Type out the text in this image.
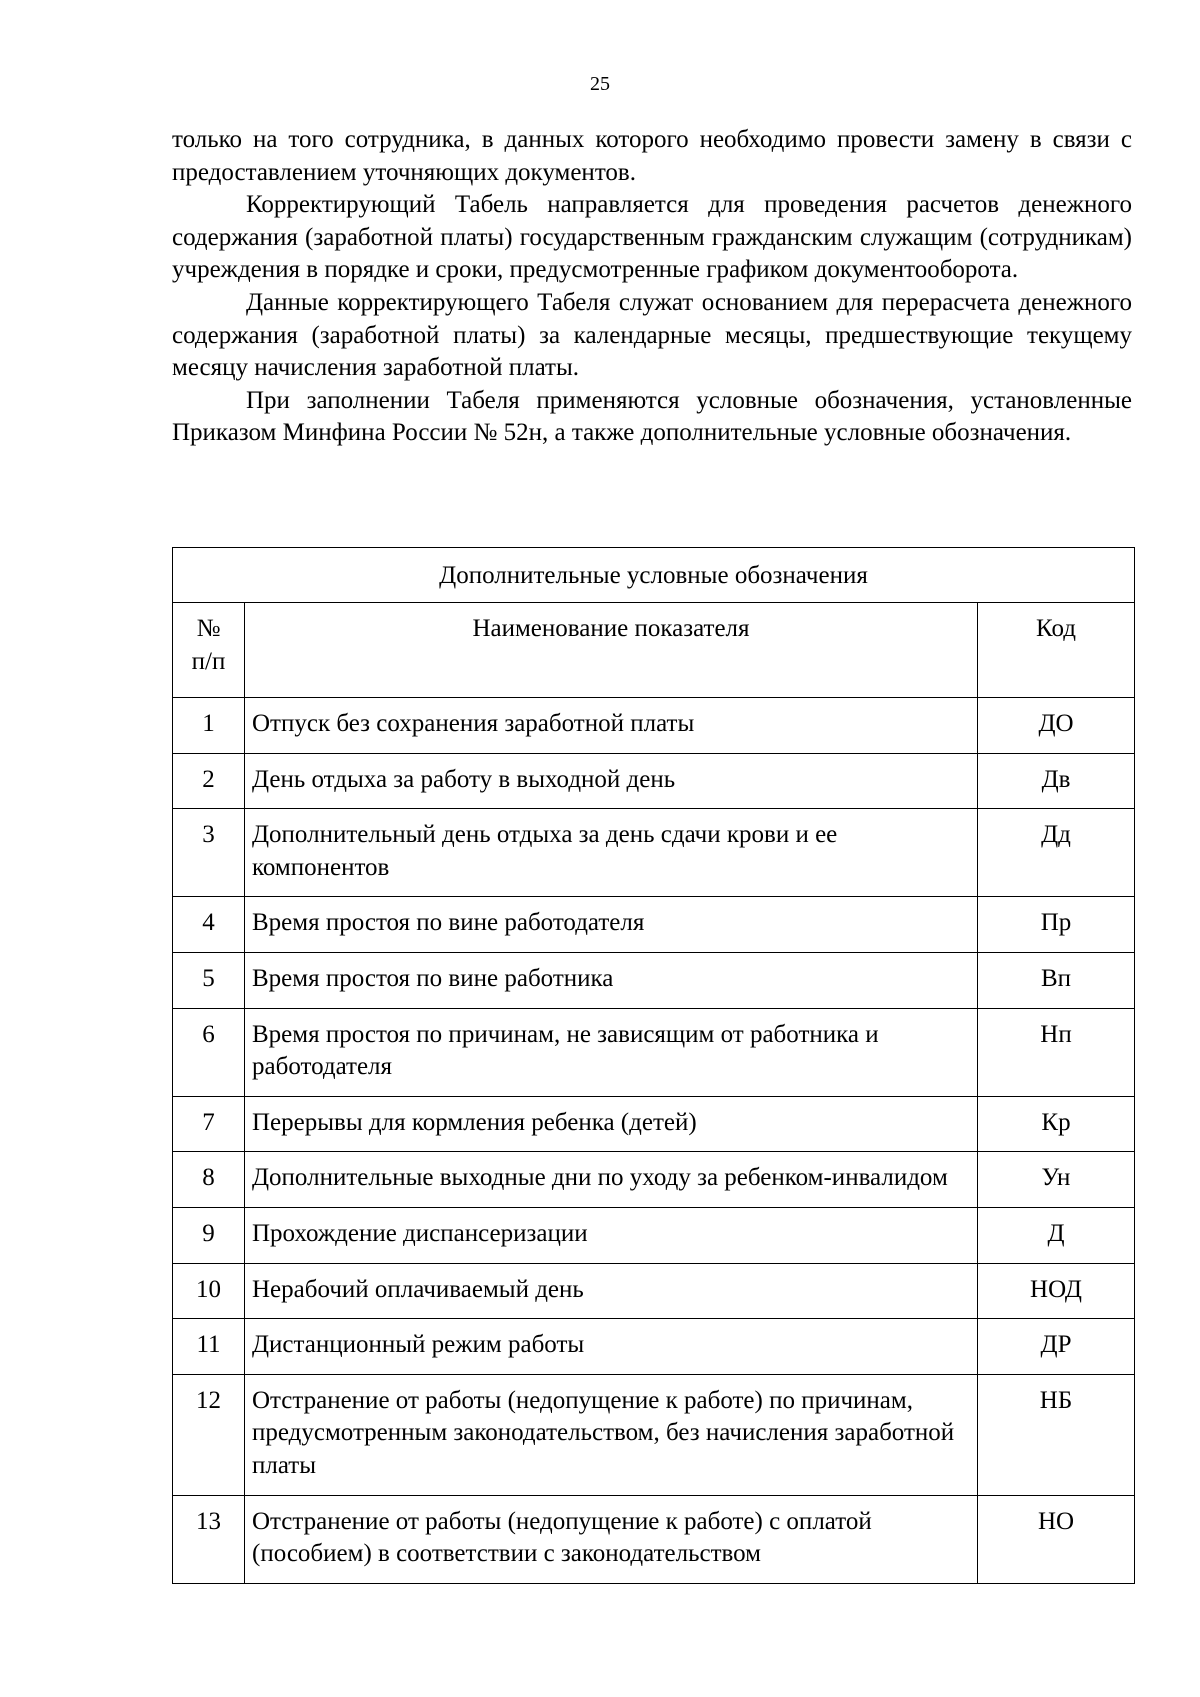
25

только на того сотрудника, в данных которого необходимо провести замену в связи с предоставлением уточняющих документов.

Корректирующий Табель направляется для проведения расчетов денежного содержания (заработной платы) государственным гражданским служащим (сотрудникам) учреждения в порядке и сроки, предусмотренные графиком документооборота.

Данные корректирующего Табеля служат основанием для перерасчета денежного содержания (заработной платы) за календарные месяцы, предшествующие текущему месяцу начисления заработной платы.

При заполнении Табеля применяются условные обозначения, установленные Приказом Минфина России № 52н, а также дополнительные условные обозначения.

Дополнительные условные обозначения		

№
п/п	Наименование показателя	Код
1	Отпуск без сохранения заработной платы	ДО
2	День отдыха за работу в выходной день	Дв
3	Дополнительный день отдыха за день сдачи крови и ее компонентов	Дд
4	Время простоя по вине работодателя	Пр
5	Время простоя по вине работника	Вп
6	Время простоя по причинам, не зависящим от работника и работодателя	Нп
7	Перерывы для кормления ребенка (детей)	Кр
8	Дополнительные выходные дни по уходу за ребенком-инвалидом	Ун
9	Прохождение диспансеризации	Д
10	Нерабочий оплачиваемый день	НОД
11	Дистанционный режим работы	ДР
12	Отстранение от работы (недопущение к работе) по причинам, предусмотренным законодательством, без начисления заработной платы	НБ
13	Отстранение от работы (недопущение к работе) с оплатой (пособием) в соответствии с законодательством	НО
